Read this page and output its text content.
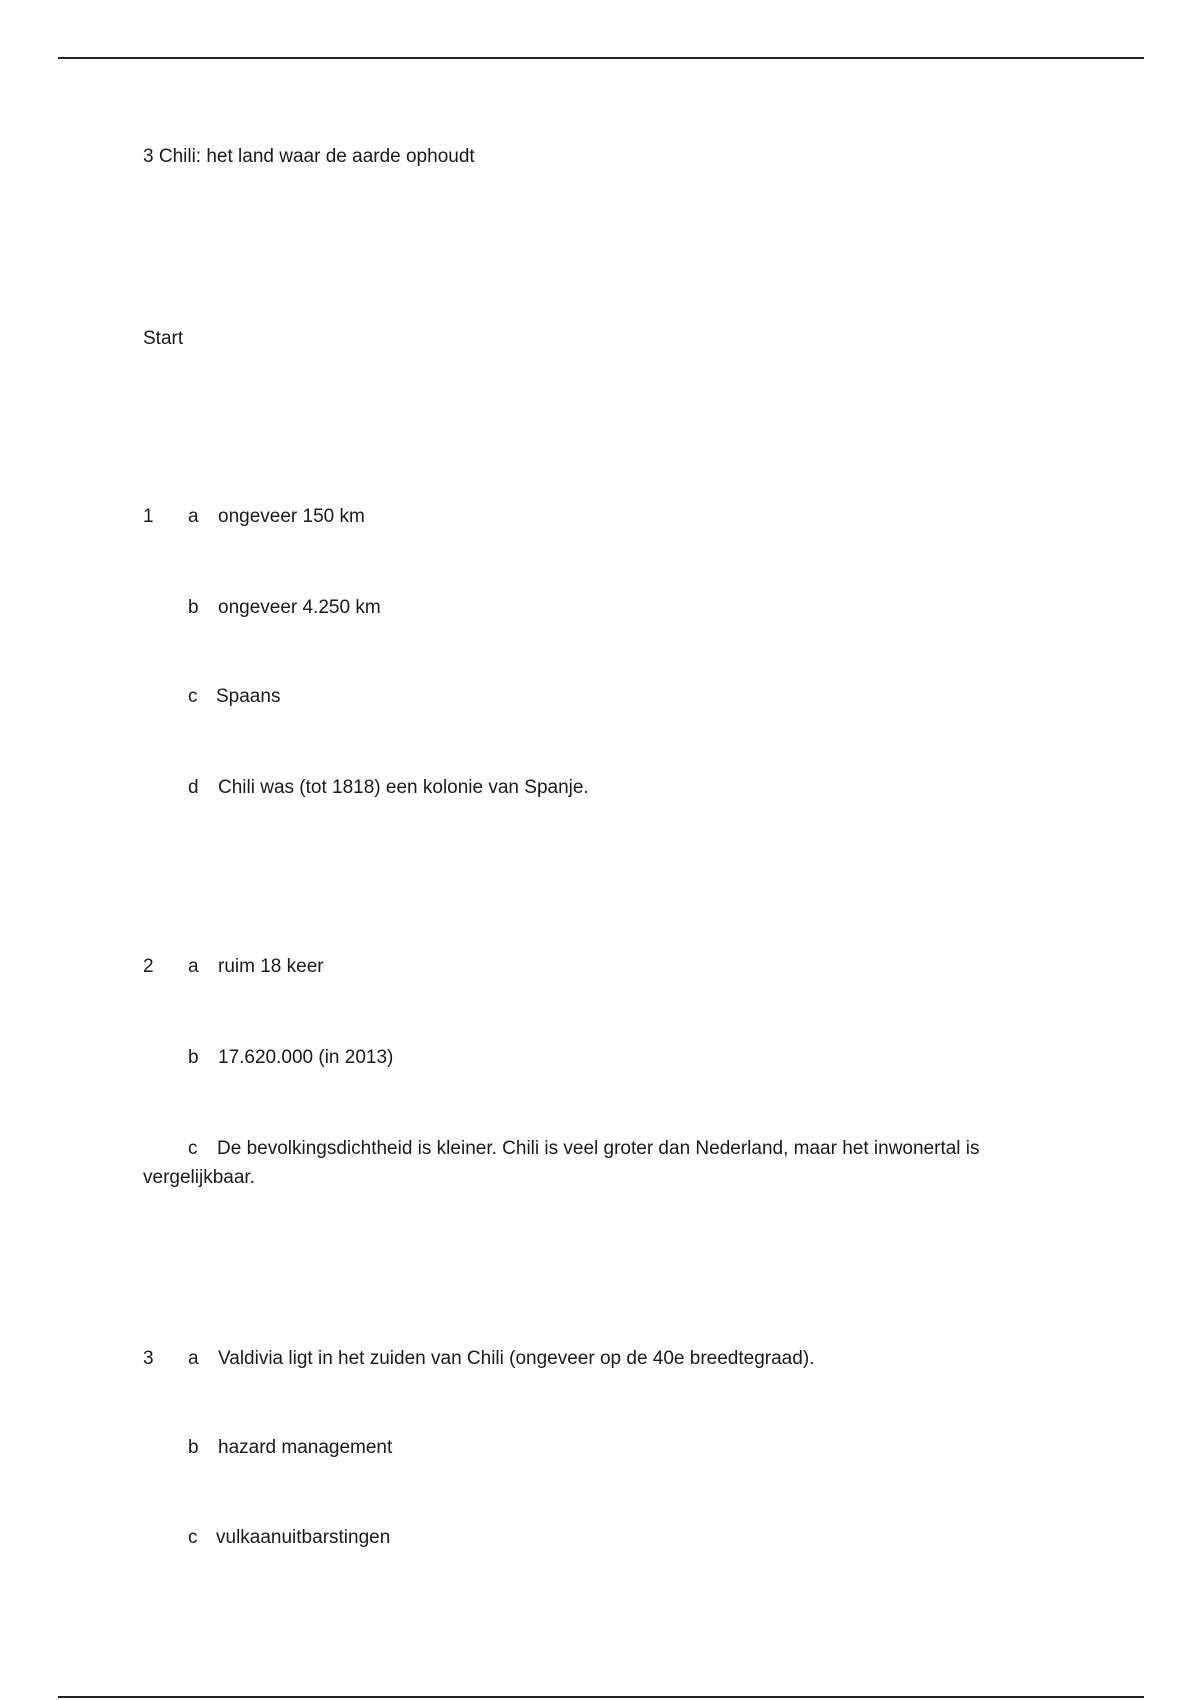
3 Chili: het land waar de aarde ophoudt
Start
1 a ongeveer 150 km
b ongeveer 4.250 km
c Spaans
d Chili was (tot 1818) een kolonie van Spanje.
2 a ruim 18 keer
b 17.620.000 (in 2013)
c De bevolkingsdichtheid is kleiner. Chili is veel groter dan Nederland, maar het inwonertal is vergelijkbaar.
3 a Valdivia ligt in het zuiden van Chili (ongeveer op de 40e breedtegraad).
b hazard management
c vulkaanuitbarstingen
